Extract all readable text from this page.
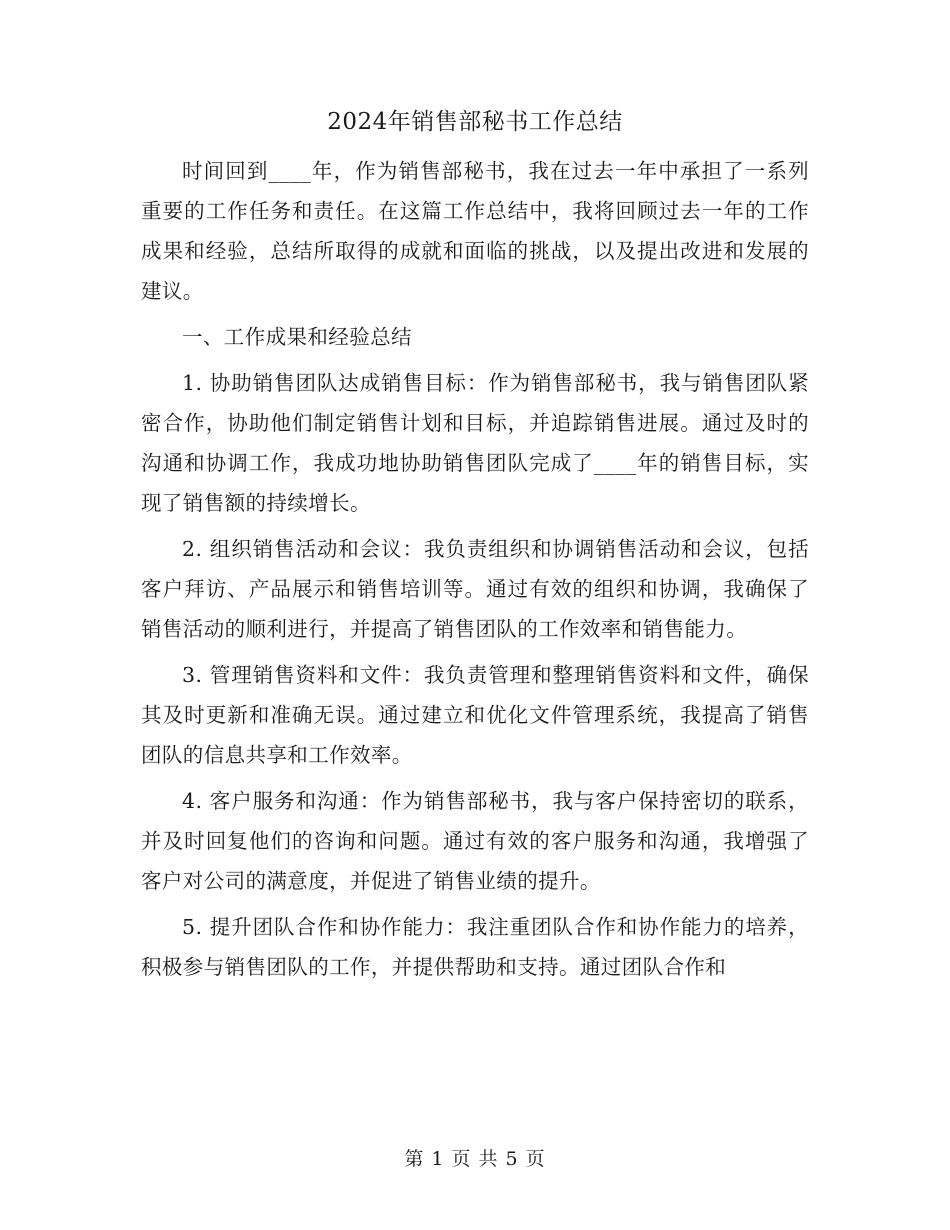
2024年销售部秘书工作总结

时间回到____年，作为销售部秘书，我在过去一年中承担了一系列重要的工作任务和责任。在这篇工作总结中，我将回顾过去一年的工作成果和经验，总结所取得的成就和面临的挑战，以及提出改进和发展的建议。

一、工作成果和经验总结

1. 协助销售团队达成销售目标：作为销售部秘书，我与销售团队紧密合作，协助他们制定销售计划和目标，并追踪销售进展。通过及时的沟通和协调工作，我成功地协助销售团队完成了____年的销售目标，实现了销售额的持续增长。

2. 组织销售活动和会议：我负责组织和协调销售活动和会议，包括客户拜访、产品展示和销售培训等。通过有效的组织和协调，我确保了销售活动的顺利进行，并提高了销售团队的工作效率和销售能力。

3. 管理销售资料和文件：我负责管理和整理销售资料和文件，确保其及时更新和准确无误。通过建立和优化文件管理系统，我提高了销售团队的信息共享和工作效率。

4. 客户服务和沟通：作为销售部秘书，我与客户保持密切的联系，并及时回复他们的咨询和问题。通过有效的客户服务和沟通，我增强了客户对公司的满意度，并促进了销售业绩的提升。

5. 提升团队合作和协作能力：我注重团队合作和协作能力的培养，积极参与销售团队的工作，并提供帮助和支持。通过团队合作和

第 1 页 共 5 页
